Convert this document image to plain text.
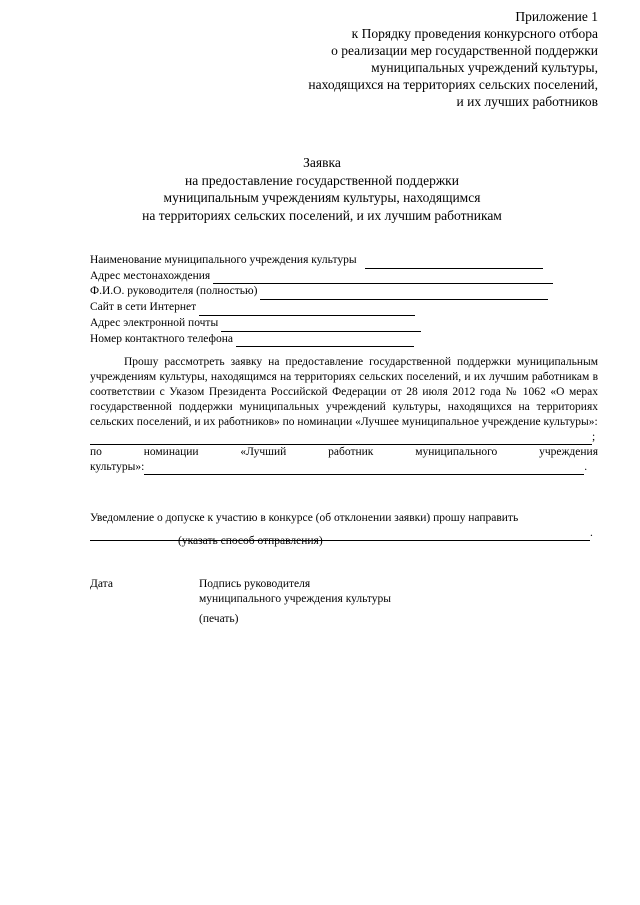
Приложение 1
к Порядку проведения конкурсного отбора
о реализации мер государственной поддержки
муниципальных учреждений культуры,
находящихся на территориях сельских поселений,
и их лучших работников
Заявка
на предоставление государственной поддержки
муниципальным учреждениям культуры, находящимся
на территориях сельских поселений, и их лучшим работникам
Наименование муниципального учреждения культуры
Адрес местонахождения
Ф.И.О. руководителя (полностью)
Сайт в сети Интернет
Адрес электронной почты
Номер контактного телефона

Прошу рассмотреть заявку на предоставление государственной поддержки муниципальным учреждениям культуры, находящимся на территориях сельских поселений, и их лучшим работникам в соответствии с Указом Президента Российской Федерации от 28 июля 2012 года № 1062 «О мерах государственной поддержки муниципальных учреждений культуры, находящихся на территориях сельских поселений, и их работников» по номинации «Лучшее муниципальное учреждение культуры»:

;
по	номинации	«Лучший	работник	муниципального	учреждения
культуры»:	.
Уведомление о допуске к участию в конкурсе (об отклонении заявки) прошу направить
.
(указать способ отправления)
Дата	Подпись руководителя
муниципального учреждения культуры
(печать)
